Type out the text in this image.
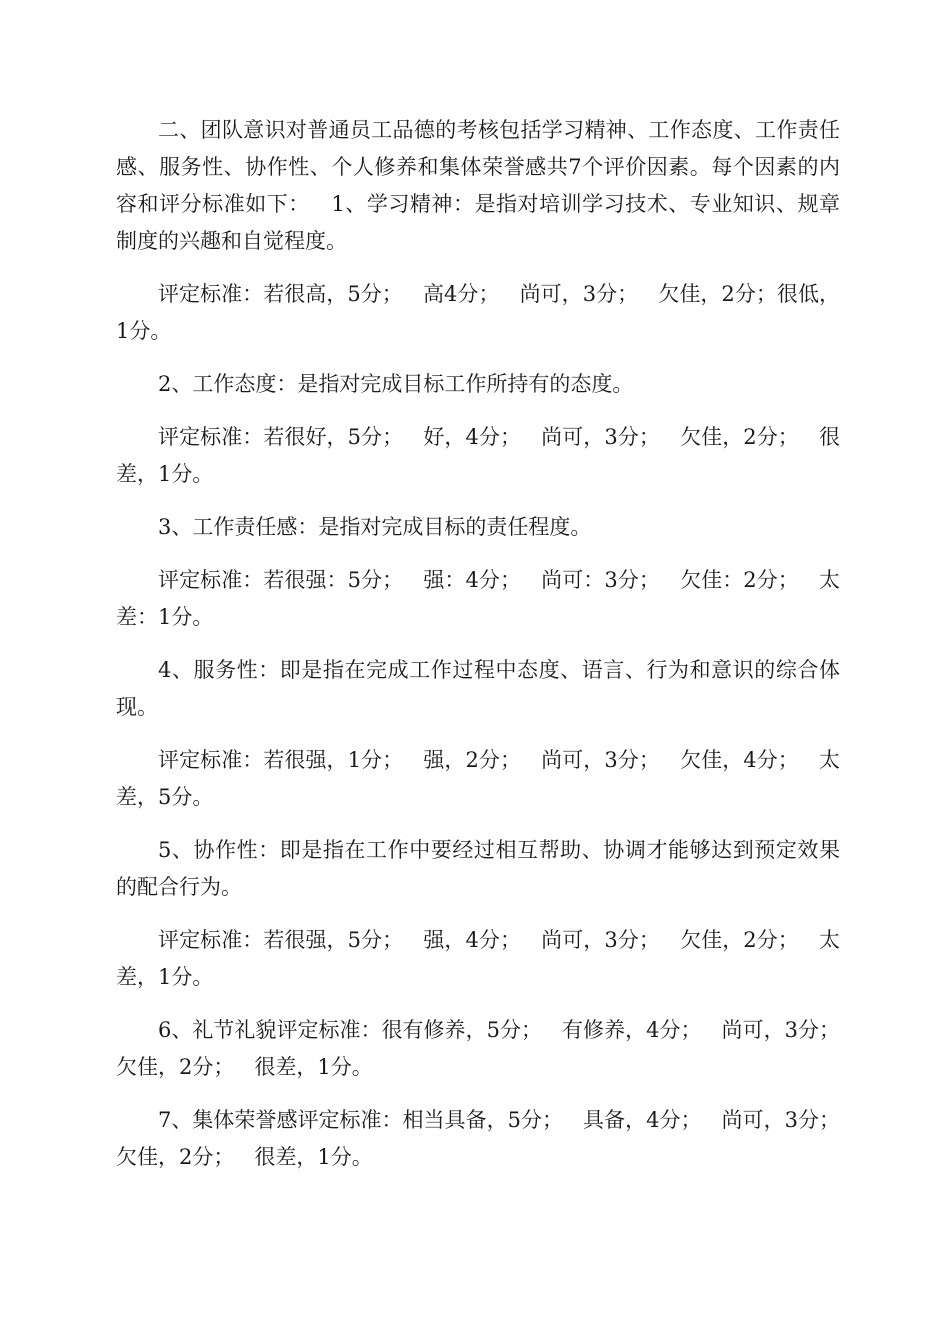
二、团队意识对普通员工品德的考核包括学习精神、工作态度、工作责任感、服务性、协作性、个人修养和集体荣誉感共7个评价因素。每个因素的内容和评分标准如下：   1、学习精神：是指对培训学习技术、专业知识、规章制度的兴趣和自觉程度。

评定标准：若很高，5分；   高4分；   尚可，3分；   欠佳，2分；很低，1分。

2、工作态度：是指对完成目标工作所持有的态度。

评定标准：若很好，5分；   好，4分；   尚可，3分；   欠佳，2分；   很差，1分。

3、工作责任感：是指对完成目标的责任程度。

评定标准：若很强：5分；   强：4分；   尚可：3分；   欠佳：2分；   太差：1分。

4、服务性：即是指在完成工作过程中态度、语言、行为和意识的综合体现。

评定标准：若很强，1分；   强，2分；   尚可，3分；   欠佳，4分；   太差，5分。

5、协作性：即是指在工作中要经过相互帮助、协调才能够达到预定效果的配合行为。

评定标准：若很强，5分；   强，4分；   尚可，3分；   欠佳，2分；   太差，1分。

6、礼节礼貌评定标准：很有修养，5分；   有修养，4分；   尚可，3分；   欠佳，2分；   很差，1分。

7、集体荣誉感评定标准：相当具备，5分；   具备，4分；   尚可，3分；   欠佳，2分；   很差，1分。
